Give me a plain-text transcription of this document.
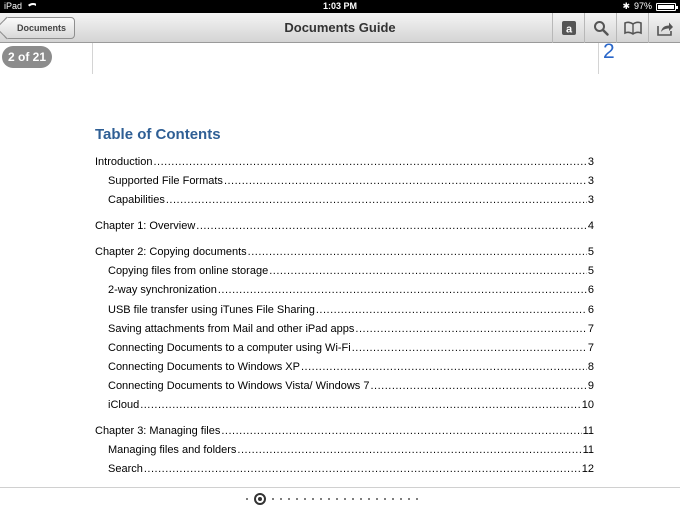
iPad	1:03 PM	✱ 97%
Documents	Documents Guide	a
2 of 21	2
Table of Contents
Introduction .....	3
Supported File Formats .....	3
Capabilities .....	3
Chapter 1: Overview .....	4
Chapter 2: Copying documents .....	5
Copying files from online storage .....	5
2-way synchronization .....	6
USB file transfer using iTunes File Sharing .....	6
Saving attachments from Mail and other iPad apps .....	7
Connecting Documents to a computer using Wi-Fi .....	7
Connecting Documents to Windows XP .....	8
Connecting Documents to Windows Vista/ Windows 7 .....	9
iCloud .....	10
Chapter 3: Managing files .....	11
Managing files and folders .....	11
Search .....	12
